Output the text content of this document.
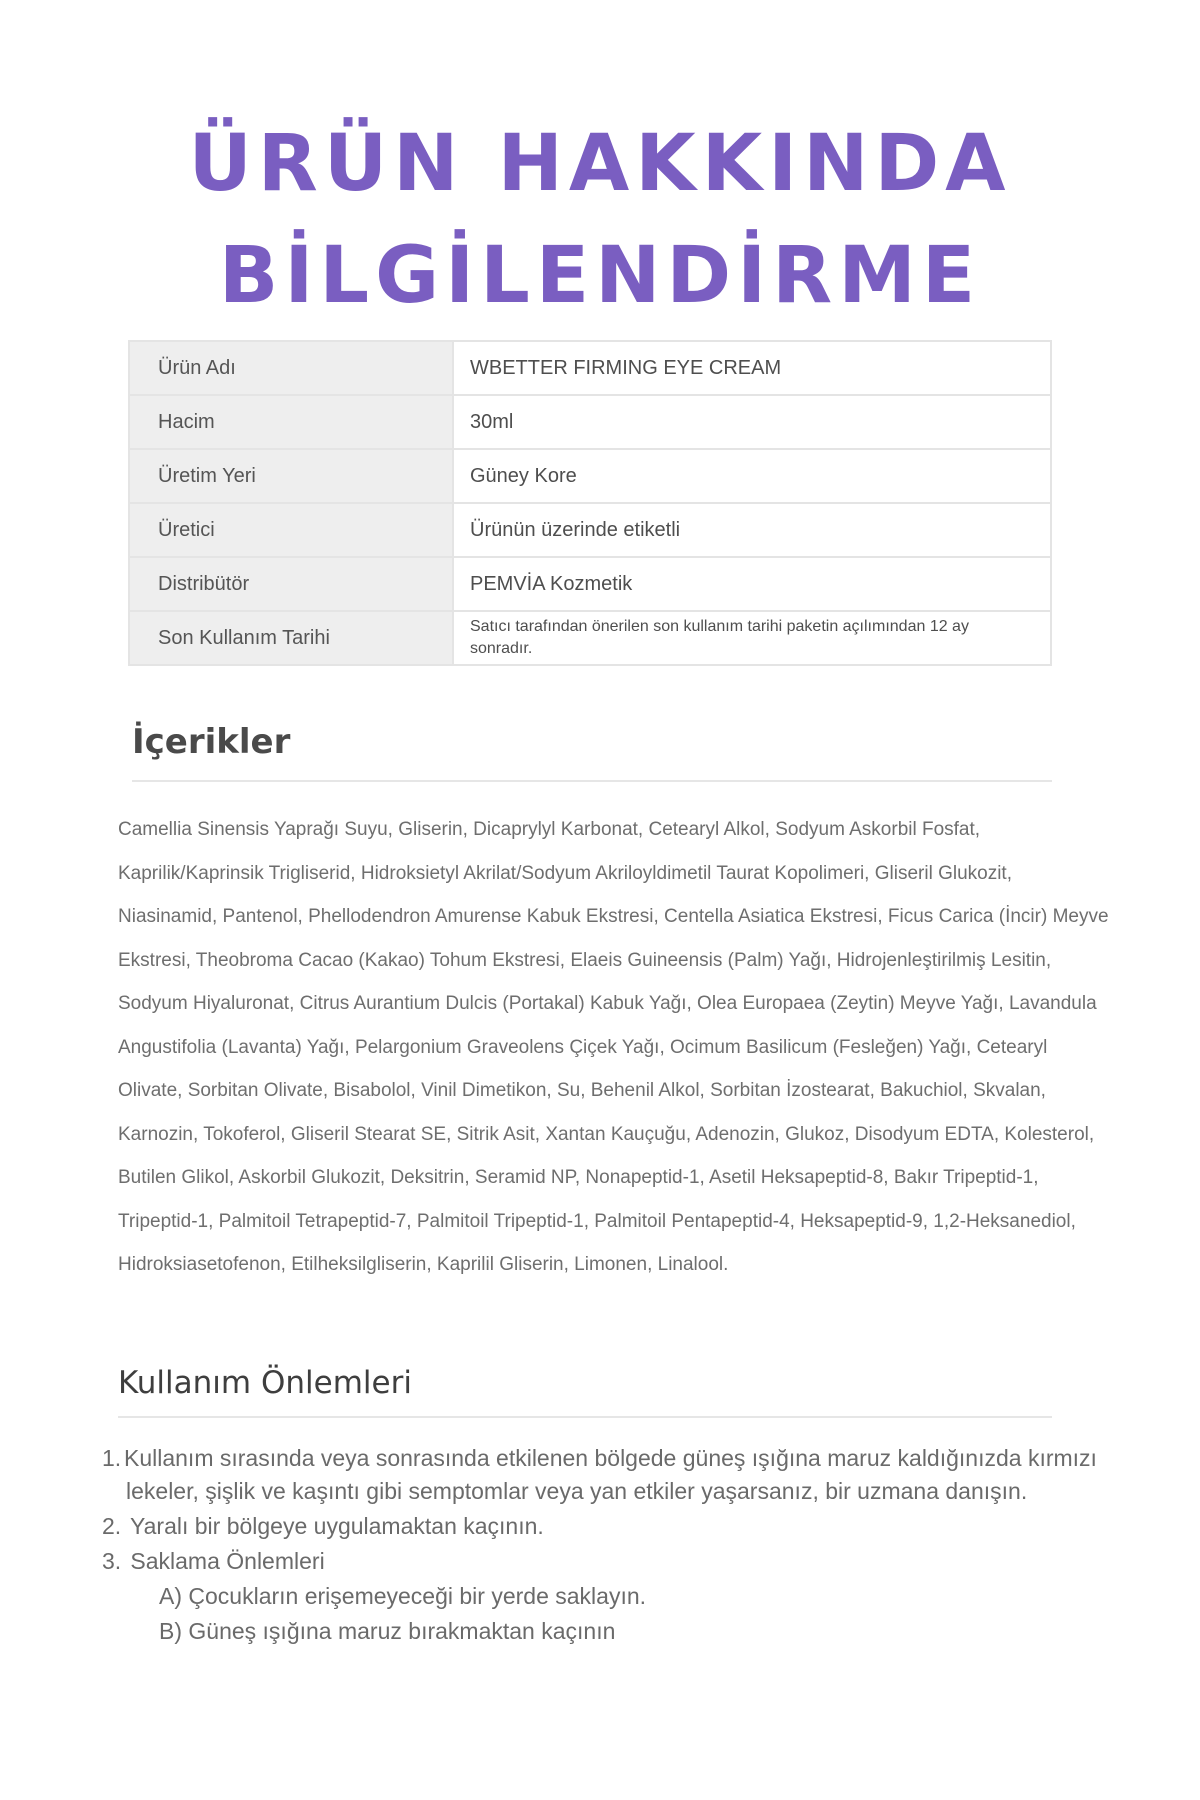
ÜRÜN HAKKINDA
BİLGİLENDİRME
Ürün Adı	WBETTER FIRMING EYE CREAM
Hacim	30ml
Üretim Yeri	Güney Kore
Üretici	Ürünün üzerinde etiketli
Distribütör	PEMVİA Kozmetik
Son Kullanım Tarihi	Satıcı tarafından önerilen son kullanım tarihi paketin açılımından 12 ay sonradır.
İçerikler

Camellia Sinensis Yaprağı Suyu, Gliserin, Dicaprylyl Karbonat, Cetearyl Alkol, Sodyum Askorbil Fosfat, Kaprilik/Kaprinsik Trigliserid, Hidroksietyl Akrilat/Sodyum Akriloyldimetil Taurat Kopolimeri, Gliseril Glukozit, Niasinamid, Pantenol, Phellodendron Amurense Kabuk Ekstresi, Centella Asiatica Ekstresi, Ficus Carica (İncir) Meyve Ekstresi, Theobroma Cacao (Kakao) Tohum Ekstresi, Elaeis Guineensis (Palm) Yağı, Hidrojenleştirilmiş Lesitin, Sodyum Hiyaluronat, Citrus Aurantium Dulcis (Portakal) Kabuk Yağı, Olea Europaea (Zeytin) Meyve Yağı, Lavandula Angustifolia (Lavanta) Yağı, Pelargonium Graveolens Çiçek Yağı, Ocimum Basilicum (Fesleğen) Yağı, Cetearyl Olivate, Sorbitan Olivate, Bisabolol, Vinil Dimetikon, Su, Behenil Alkol, Sorbitan İzostearat, Bakuchiol, Skvalan, Karnozin, Tokoferol, Gliseril Stearat SE, Sitrik Asit, Xantan Kauçuğu, Adenozin, Glukoz, Disodyum EDTA, Kolesterol, Butilen Glikol, Askorbil Glukozit, Deksitrin, Seramid NP, Nonapeptid-1, Asetil Heksapeptid-8, Bakır Tripeptid-1, Tripeptid-1, Palmitoil Tetrapeptid-7, Palmitoil Tripeptid-1, Palmitoil Pentapeptid-4, Heksapeptid-9, 1,2-Heksanediol, Hidroksiasetofenon, Etilheksilgliserin, Kaprilil Gliserin, Limonen, Linalool.

Kullanım Önlemleri
1. Kullanım sırasında veya sonrasında etkilenen bölgede güneş ışığına maruz kaldığınızda kırmızı
lekeler, şişlik ve kaşıntı gibi semptomlar veya yan etkiler yaşarsanız, bir uzmana danışın.
2. Yaralı bir bölgeye uygulamaktan kaçının.
3. Saklama Önlemleri
A) Çocukların erişemeyeceği bir yerde saklayın.
B) Güneş ışığına maruz bırakmaktan kaçının
